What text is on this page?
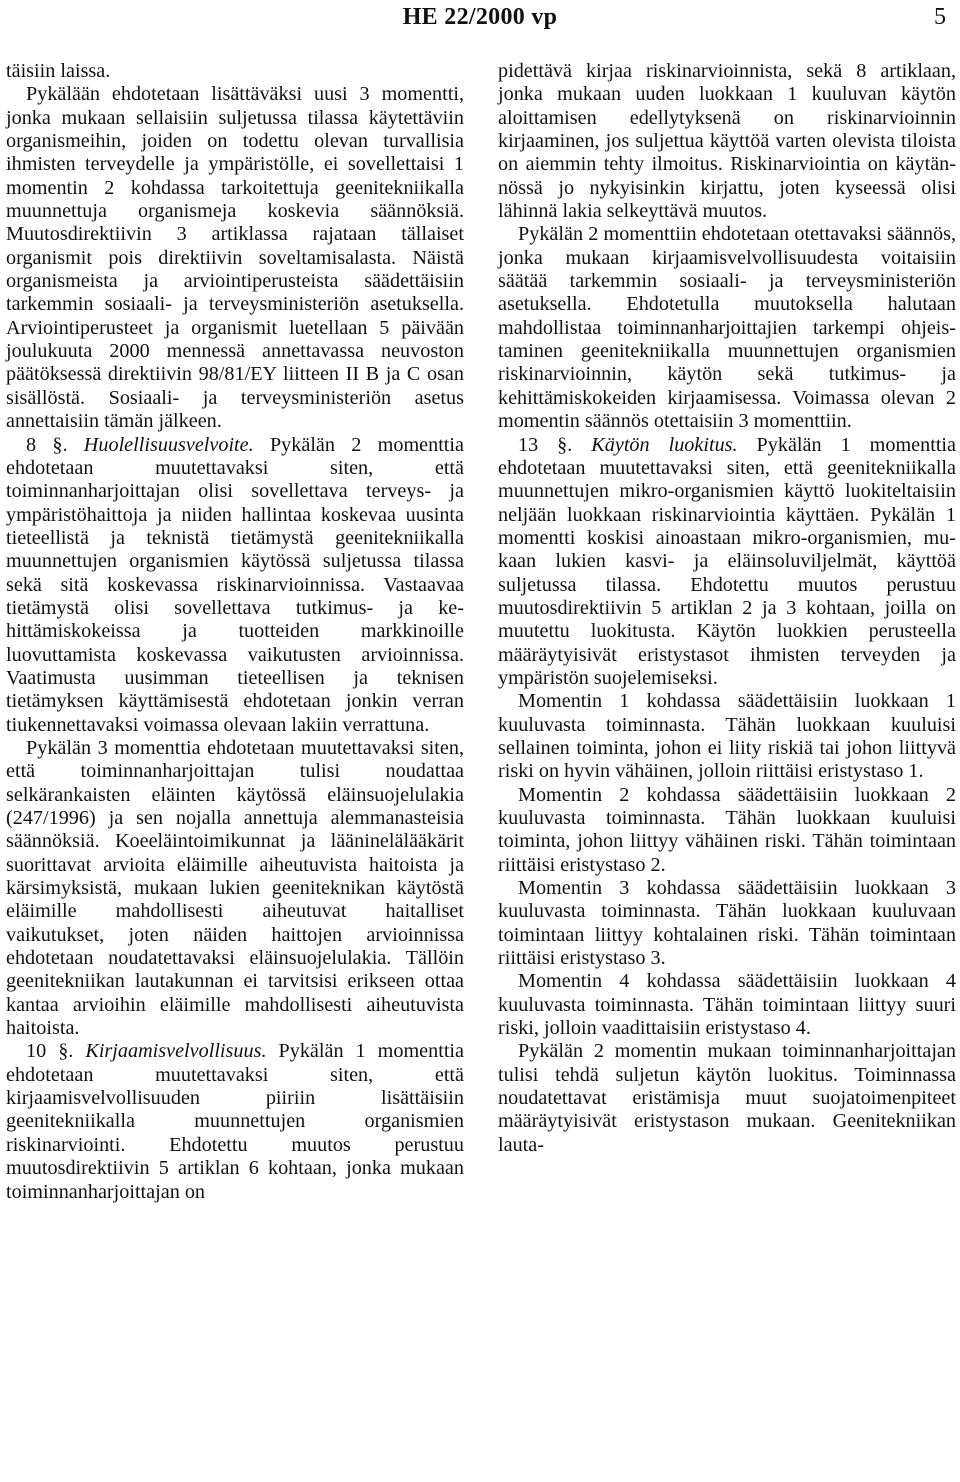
HE 22/2000 vp	5

täisiin laissa.

Pykälään ehdotetaan lisättäväksi uusi 3 momentti, jonka mukaan sellaisiin suljetussa tilassa käytettäviin organismeihin, joiden on todettu olevan turvallisia ihmisten terveydelle ja ympäristölle, ei sovellettaisi 1 momentin 2 kohdassa tarkoitettuja geenitekniikalla muunnettuja organismeja koskevia säännöksiä. Muutosdirektiivin 3 artiklassa rajataan tällaiset organismit pois direktiivin soveltamisalasta. Näistä organismeista ja arviointiperusteista säädettäisiin tarkemmin sosiaali- ja terveysministeriön asetuksella. Arviointiperusteet ja organismit luetellaan 5 päivään joulukuuta 2000 mennessä annettavassa neuvoston päätöksessä direktiivin 98/81/EY liitteen II B ja C osan sisällöstä. Sosiaali- ja terveysministeriön asetus annettaisiin tämän jälkeen.

8 §. Huolellisuusvelvoite. Pykälän 2 momenttia ehdotetaan muutettavaksi siten, että toiminnanharjoittajan olisi sovellettava terveys- ja ympäristöhaittoja ja niiden hallintaa koskevaa uusinta tieteellistä ja teknistä tietämystä geenitekniikalla muunnettujen organismien käytössä suljetussa tilassa sekä sitä koskevassa riskinarvioinnissa. Vastaavaa tietämystä olisi sovellettava tutkimus- ja kehittämiskokeissa ja tuotteiden markkinoille luovuttamista koskevassa vaikutusten arvioinnissa. Vaatimusta uusimman tieteellisen ja teknisen tietämyksen käyttämisestä ehdotetaan jonkin verran tiukennettavaksi voimassa olevaan lakiin verrattuna.

Pykälän 3 momenttia ehdotetaan muutettavaksi siten, että toiminnanharjoittajan tulisi noudattaa selkärankaisten eläinten käytössä eläinsuojelulakia (247/1996) ja sen nojalla annettuja alemmanasteisia säännöksiä. Koeeläintoimikunnat ja lääninelälääkärit suorittavat arvioita eläimille aiheutuvista haitoista ja kärsimyksistä, mukaan lukien geeniteknikan käytöstä eläimille mahdollisesti aiheutuvat haitalliset vaikutukset, joten näiden haittojen arvioinnissa ehdotetaan noudatettavaksi eläinsuojelulakia. Tällöin geenitekniikan lautakunnan ei tarvitsisi erikseen ottaa kantaa arvioihin eläimille mahdollisesti aiheutuvista haitoista.

10 §. Kirjaamisvelvollisuus. Pykälän 1 momenttia ehdotetaan muutettavaksi siten, että kirjaamisvelvollisuuden piiriin lisättäisiin geenitekniikalla muunnettujen organismien riskinarviointi. Ehdotettu muutos perustuu muutosdirektiivin 5 artiklan 6 kohtaan, jonka mukaan toiminnanharjoittajan on

pidettävä kirjaa riskinarvioinnista, sekä 8 artiklaan, jonka mukaan uuden luokkaan 1 kuuluvan käytön aloittamisen edellytyksenä on riskinarvioinnin kirjaaminen, jos suljettua käyttöä varten olevista tiloista on aiemmin tehty ilmoitus. Riskinarviointia on käytännössä jo nykyisinkin kirjattu, joten kyseessä olisi lähinnä lakia selkeyttävä muutos.

Pykälän 2 momenttiin ehdotetaan otettavaksi säännös, jonka mukaan kirjaamisvelvollisuudesta voitaisiin säätää tarkemmin sosiaali- ja terveysministeriön asetuksella. Ehdotetulla muutoksella halutaan mahdollistaa toiminnanharjoittajien tarkempi ohjeistaminen geenitekniikalla muunnettujen organismien riskinarvioinnin, käytön sekä tutkimus- ja kehittämiskokeiden kirjaamisessa. Voimassa olevan 2 momentin säännös otettaisiin 3 momenttiin.

13 §. Käytön luokitus. Pykälän 1 momenttia ehdotetaan muutettavaksi siten, että geenitekniikalla muunnettujen mikro-organismien käyttö luokiteltaisiin neljään luokkaan riskinarviointia käyttäen. Pykälän 1 momentti koskisi ainoastaan mikro-organismien, mukaan lukien kasvi- ja eläinsoluviljelmät, käyttöä suljetussa tilassa. Ehdotettu muutos perustuu muutosdirektiivin 5 artiklan 2 ja 3 kohtaan, joilla on muutettu luokitusta. Käytön luokkien perusteella määräytyisivät eristystasot ihmisten terveyden ja ympäristön suojelemiseksi.

Momentin 1 kohdassa säädettäisiin luokkaan 1 kuuluvasta toiminnasta. Tähän luokkaan kuuluisi sellainen toiminta, johon ei liity riskiä tai johon liittyvä riski on hyvin vähäinen, jolloin riittäisi eristystaso 1.

Momentin 2 kohdassa säädettäisiin luokkaan 2 kuuluvasta toiminnasta. Tähän luokkaan kuuluisi toiminta, johon liittyy vähäinen riski. Tähän toimintaan riittäisi eristystaso 2.

Momentin 3 kohdassa säädettäisiin luokkaan 3 kuuluvasta toiminnasta. Tähän luokkaan kuuluvaan toimintaan liittyy kohtalainen riski. Tähän toimintaan riittäisi eristystaso 3.

Momentin 4 kohdassa säädettäisiin luokkaan 4 kuuluvasta toiminnasta. Tähän toimintaan liittyy suuri riski, jolloin vaadittaisiin eristystaso 4.

Pykälän 2 momentin mukaan toiminnanharjoittajan tulisi tehdä suljetun käytön luokitus. Toiminnassa noudatettavat eristämisja muut suojatoimenpiteet määräytyisivät eristystason mukaan. Geenitekniikan lauta-
